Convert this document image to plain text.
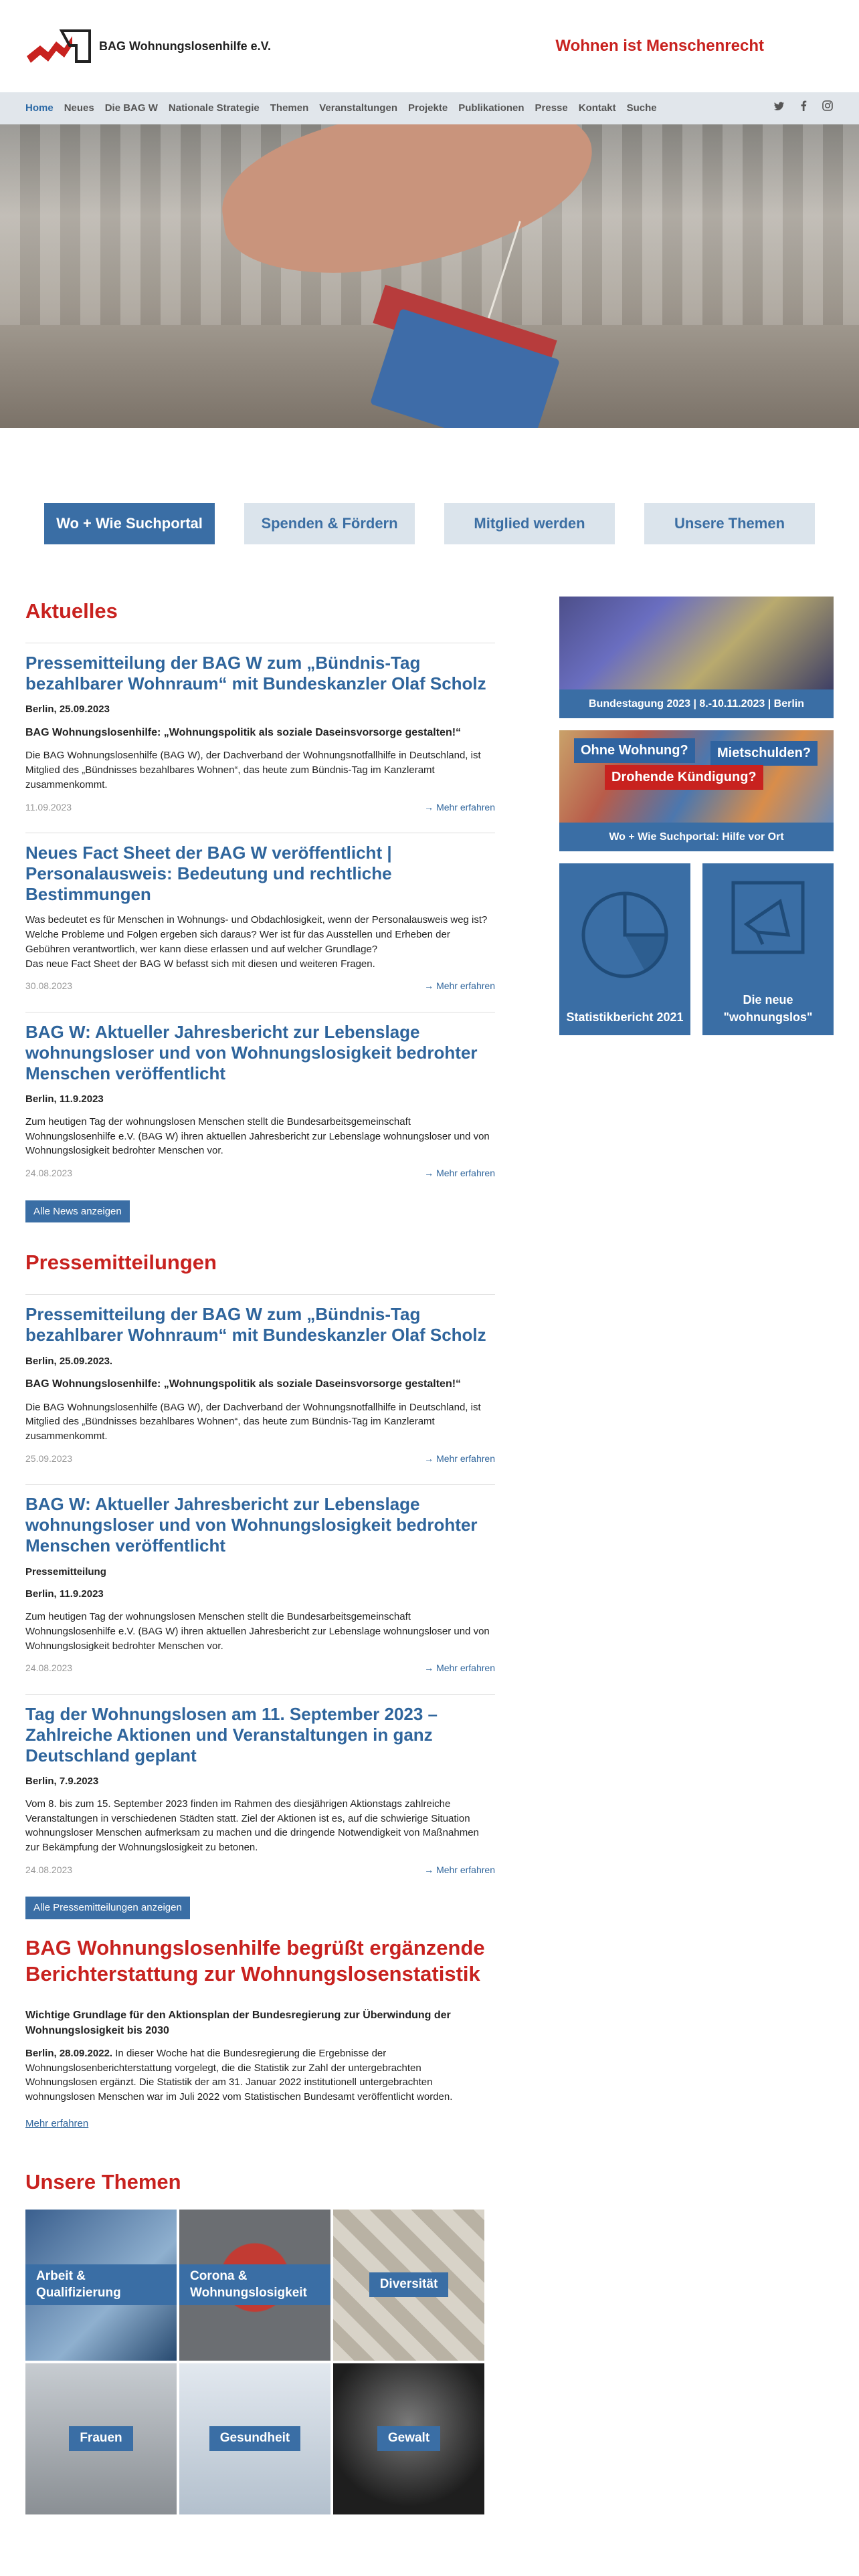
BAG Wohnungslosenhilfe e.V.	Wohnen ist Menschenrecht
Home Neues Die BAG W Nationale Strategie Themen Veranstaltungen Projekte Publikationen Presse Kontakt Suche
Wo + Wie Suchportal	Spenden & Fördern	Mitglied werden	Unsere Themen
Aktuelles
Pressemitteilung der BAG W zum „Bündnis-Tag bezahlbarer Wohnraum“ mit Bundeskanzler Olaf Scholz
Berlin, 25.09.2023
BAG Wohnungslosenhilfe: „Wohnungspolitik als soziale Daseinsvorsorge gestalten!“

Die BAG Wohnungslosenhilfe (BAG W), der Dachverband der Wohnungsnotfallhilfe in Deutschland, ist Mitglied des „Bündnisses bezahlbares Wohnen“, das heute zum Bündnis-Tag im Kanzleramt zusammenkommt.

11.09.2023	→ Mehr erfahren
Neues Fact Sheet der BAG W veröffentlicht | Personalausweis: Bedeutung und rechtliche Bestimmungen

Was bedeutet es für Menschen in Wohnungs- und Obdachlosigkeit, wenn der Personalausweis weg ist? Welche Probleme und Folgen ergeben sich daraus? Wer ist für das Ausstellen und Erheben der Gebühren verantwortlich, wer kann diese erlassen und auf welcher Grundlage?

Das neue Fact Sheet der BAG W befasst sich mit diesen und weiteren Fragen.

30.08.2023	→ Mehr erfahren
BAG W: Aktueller Jahresbericht zur Lebenslage wohnungsloser und von Wohnungslosigkeit bedrohter Menschen veröffentlicht
Berlin, 11.9.2023

Zum heutigen Tag der wohnungslosen Menschen stellt die Bundesarbeitsgemeinschaft Wohnungslosenhilfe e.V. (BAG W) ihren aktuellen Jahresbericht zur Lebenslage wohnungsloser und von Wohnungslosigkeit bedrohter Menschen vor.

24.08.2023	→ Mehr erfahren
Alle News anzeigen
Pressemitteilungen
Pressemitteilung der BAG W zum „Bündnis-Tag bezahlbarer Wohnraum“ mit Bundeskanzler Olaf Scholz
Berlin, 25.09.2023.
BAG Wohnungslosenhilfe: „Wohnungspolitik als soziale Daseinsvorsorge gestalten!“

Die BAG Wohnungslosenhilfe (BAG W), der Dachverband der Wohnungsnotfallhilfe in Deutschland, ist Mitglied des „Bündnisses bezahlbares Wohnen“, das heute zum Bündnis-Tag im Kanzleramt zusammenkommt.

25.09.2023	→ Mehr erfahren
BAG W: Aktueller Jahresbericht zur Lebenslage wohnungsloser und von Wohnungslosigkeit bedrohter Menschen veröffentlicht
Pressemitteilung
Berlin, 11.9.2023

Zum heutigen Tag der wohnungslosen Menschen stellt die Bundesarbeitsgemeinschaft Wohnungslosenhilfe e.V. (BAG W) ihren aktuellen Jahresbericht zur Lebenslage wohnungsloser und von Wohnungslosigkeit bedrohter Menschen vor.

24.08.2023	→ Mehr erfahren
Tag der Wohnungslosen am 11. September 2023 – Zahlreiche Aktionen und Veranstaltungen in ganz Deutschland geplant
Berlin, 7.9.2023

Vom 8. bis zum 15. September 2023 finden im Rahmen des diesjährigen Aktionstags zahlreiche Veranstaltungen in verschiedenen Städten statt. Ziel der Aktionen ist es, auf die schwierige Situation wohnungsloser Menschen aufmerksam zu machen und die dringende Notwendigkeit von Maßnahmen zur Bekämpfung der Wohnungslosigkeit zu betonen.

24.08.2023	→ Mehr erfahren
Alle Pressemitteilungen anzeigen
BAG Wohnungslosenhilfe begrüßt ergänzende Berichterstattung zur Wohnungslosenstatistik
Wichtige Grundlage für den Aktionsplan der Bundesregierung zur Überwindung der Wohnungslosigkeit bis 2030

Berlin, 28.09.2022. In dieser Woche hat die Bundesregierung die Ergebnisse der Wohnungslosenberichterstattung vorgelegt, die die Statistik zur Zahl der untergebrachten Wohnungslosen ergänzt. Die Statistik der am 31. Januar 2022 institutionell untergebrachten wohnungslosen Menschen war im Juli 2022 vom Statistischen Bundesamt veröffentlicht worden.

Mehr erfahren
Bundestagung 2023 | 8.-10.11.2023 | Berlin
Ohne Wohnung?	Mietschulden?
Drohende Kündigung?
Wo + Wie Suchportal: Hilfe vor Ort
Statistikbericht 2021
Die neue "wohnungslos"
Unsere Themen
Arbeit & Qualifizierung
Corona & Wohnungslosigkeit
Diversität
Frauen	Gesundheit	Gewalt
